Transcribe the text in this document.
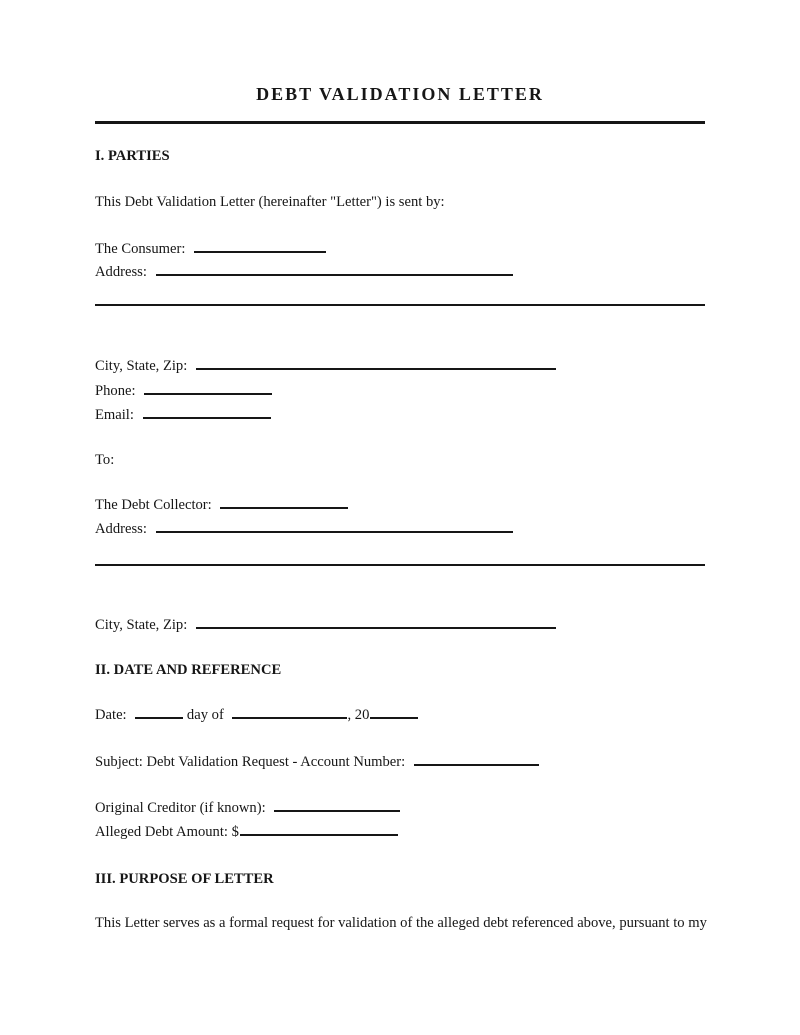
DEBT VALIDATION LETTER
I. PARTIES
This Debt Validation Letter (hereinafter "Letter") is sent by:
The Consumer:
Address:
City, State, Zip:
Phone:
Email:
To:
The Debt Collector:
Address:
City, State, Zip:
II. DATE AND REFERENCE
Date:	day of	, 20
Subject: Debt Validation Request - Account Number:
Original Creditor (if known):
Alleged Debt Amount: $
III. PURPOSE OF LETTER
This Letter serves as a formal request for validation of the alleged debt referenced above, pursuant to my
